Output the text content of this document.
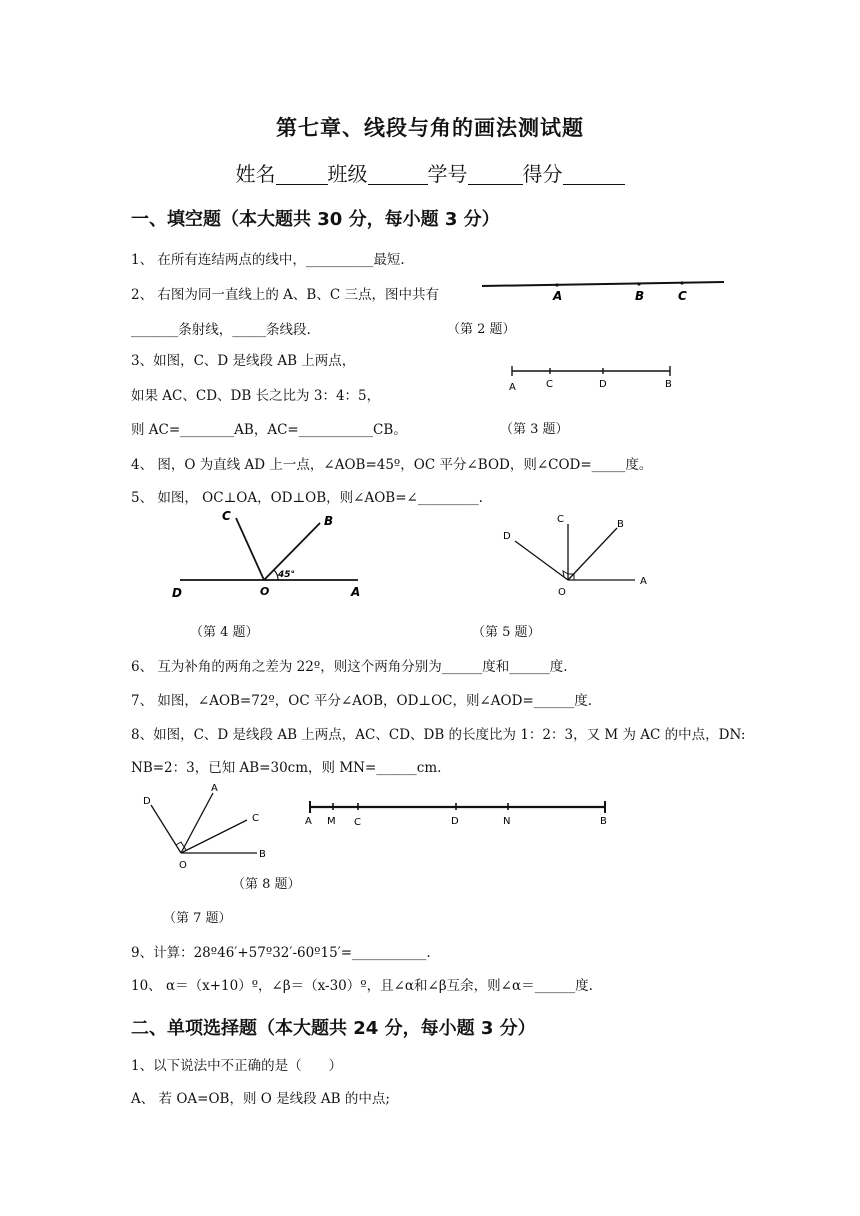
第七章、线段与角的画法测试题
姓名	班级	学号	得分
一、填空题（本大题共 30 分，每小题 3 分）
1、 在所有连结两点的线中，__________最短.
2、 右图为同一直线上的 A、B、C 三点，图中共有
_______条射线，_____条线段.	（第 2 题）
A	B	C
3、如图，C、D 是线段 AB 上两点，
如果 AC、CD、DB 长之比为 3：4：5，
则 AC=________AB，AC=___________CB。	（第 3 题）
A	C	D	B
4、 图，O 为直线 AD 上一点，∠AOB=45º，OC 平分∠BOD，则∠COD=_____度。
5、 如图， OC⊥OA，OD⊥OB，则∠AOB=∠_________.
C	B
D	O	A
45°
D
C	B
O
A
（第 4 题）	（第 5 题）
6、 互为补角的两角之差为 22º，则这个两角分别为______度和______度.
7、 如图，∠AOB=72º，OC 平分∠AOB，OD⊥OC，则∠AOD=______度.
8、如图，C、D 是线段 AB 上两点，AC、CD、DB 的长度比为 1：2：3，又 M 为 AC 的中点，DN:
NB=2：3，已知 AB=30cm，则 MN=______cm.
D
A
C
O
B
A M C	D	N	B
（第 8 题）
（第 7 题）
9、计算：28º46′+57º32′-60º15′=___________.
10、 α＝（x+10）º，∠β＝（x-30）º，且∠α和∠β互余，则∠α＝______度.
二、单项选择题（本大题共 24 分，每小题 3 分）
1、以下说法中不正确的是（　　）
A、 若 OA=OB，则 O 是线段 AB 的中点;
